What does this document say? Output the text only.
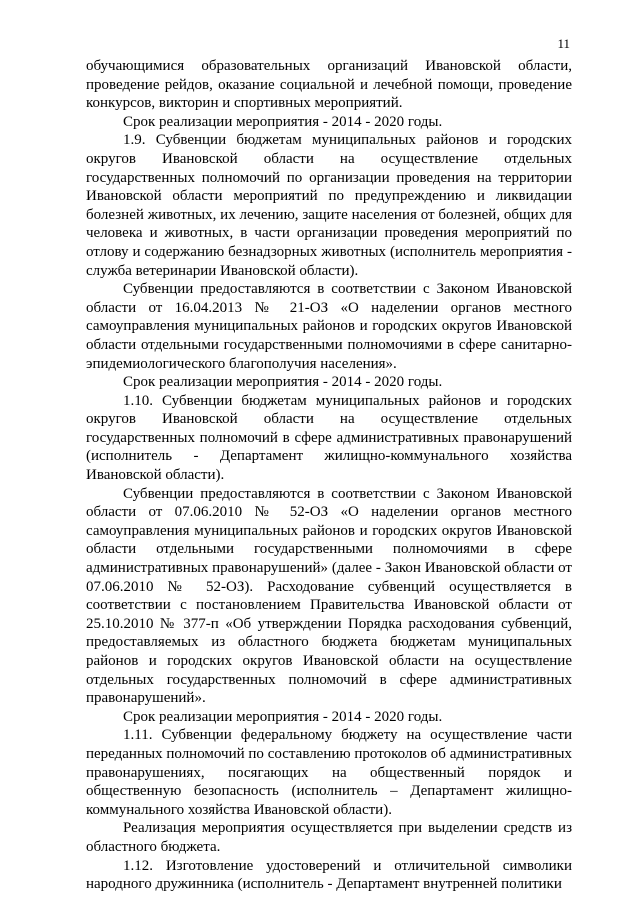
11

обучающимися образовательных организаций Ивановской области, проведение рейдов, оказание социальной и лечебной помощи, проведение конкурсов, викторин и спортивных мероприятий.

Срок реализации мероприятия - 2014 - 2020 годы.

1.9. Субвенции бюджетам муниципальных районов и городских округов Ивановской области на осуществление отдельных государственных полномочий по организации проведения на территории Ивановской области мероприятий по предупреждению и ликвидации болезней животных, их лечению, защите населения от болезней, общих для человека и животных, в части организации проведения мероприятий по отлову и содержанию безнадзорных животных (исполнитель мероприятия - служба ветеринарии Ивановской области).

Субвенции предоставляются в соответствии с Законом Ивановской области от 16.04.2013 № 21-ОЗ «О наделении органов местного самоуправления муниципальных районов и городских округов Ивановской области отдельными государственными полномочиями в сфере санитарно-эпидемиологического благополучия населения».

Срок реализации мероприятия - 2014 - 2020 годы.

1.10. Субвенции бюджетам муниципальных районов и городских округов Ивановской области на осуществление отдельных государственных полномочий в сфере административных правонарушений (исполнитель - Департамент жилищно-коммунального хозяйства Ивановской области).

Субвенции предоставляются в соответствии с Законом Ивановской области от 07.06.2010 № 52-ОЗ «О наделении органов местного самоуправления муниципальных районов и городских округов Ивановской области отдельными государственными полномочиями в сфере административных правонарушений» (далее - Закон Ивановской области от 07.06.2010 № 52-ОЗ). Расходование субвенций осуществляется в соответствии с постановлением Правительства Ивановской области от 25.10.2010 № 377-п «Об утверждении Порядка расходования субвенций, предоставляемых из областного бюджета бюджетам муниципальных районов и городских округов Ивановской области на осуществление отдельных государственных полномочий в сфере административных правонарушений».

Срок реализации мероприятия - 2014 - 2020 годы.

1.11. Субвенции федеральному бюджету на осуществление части переданных полномочий по составлению протоколов об административных правонарушениях, посягающих на общественный порядок и общественную безопасность (исполнитель – Департамент жилищно-коммунального хозяйства Ивановской области).

Реализация мероприятия осуществляется при выделении средств из областного бюджета.

1.12. Изготовление удостоверений и отличительной символики народного дружинника (исполнитель - Департамент внутренней политики
